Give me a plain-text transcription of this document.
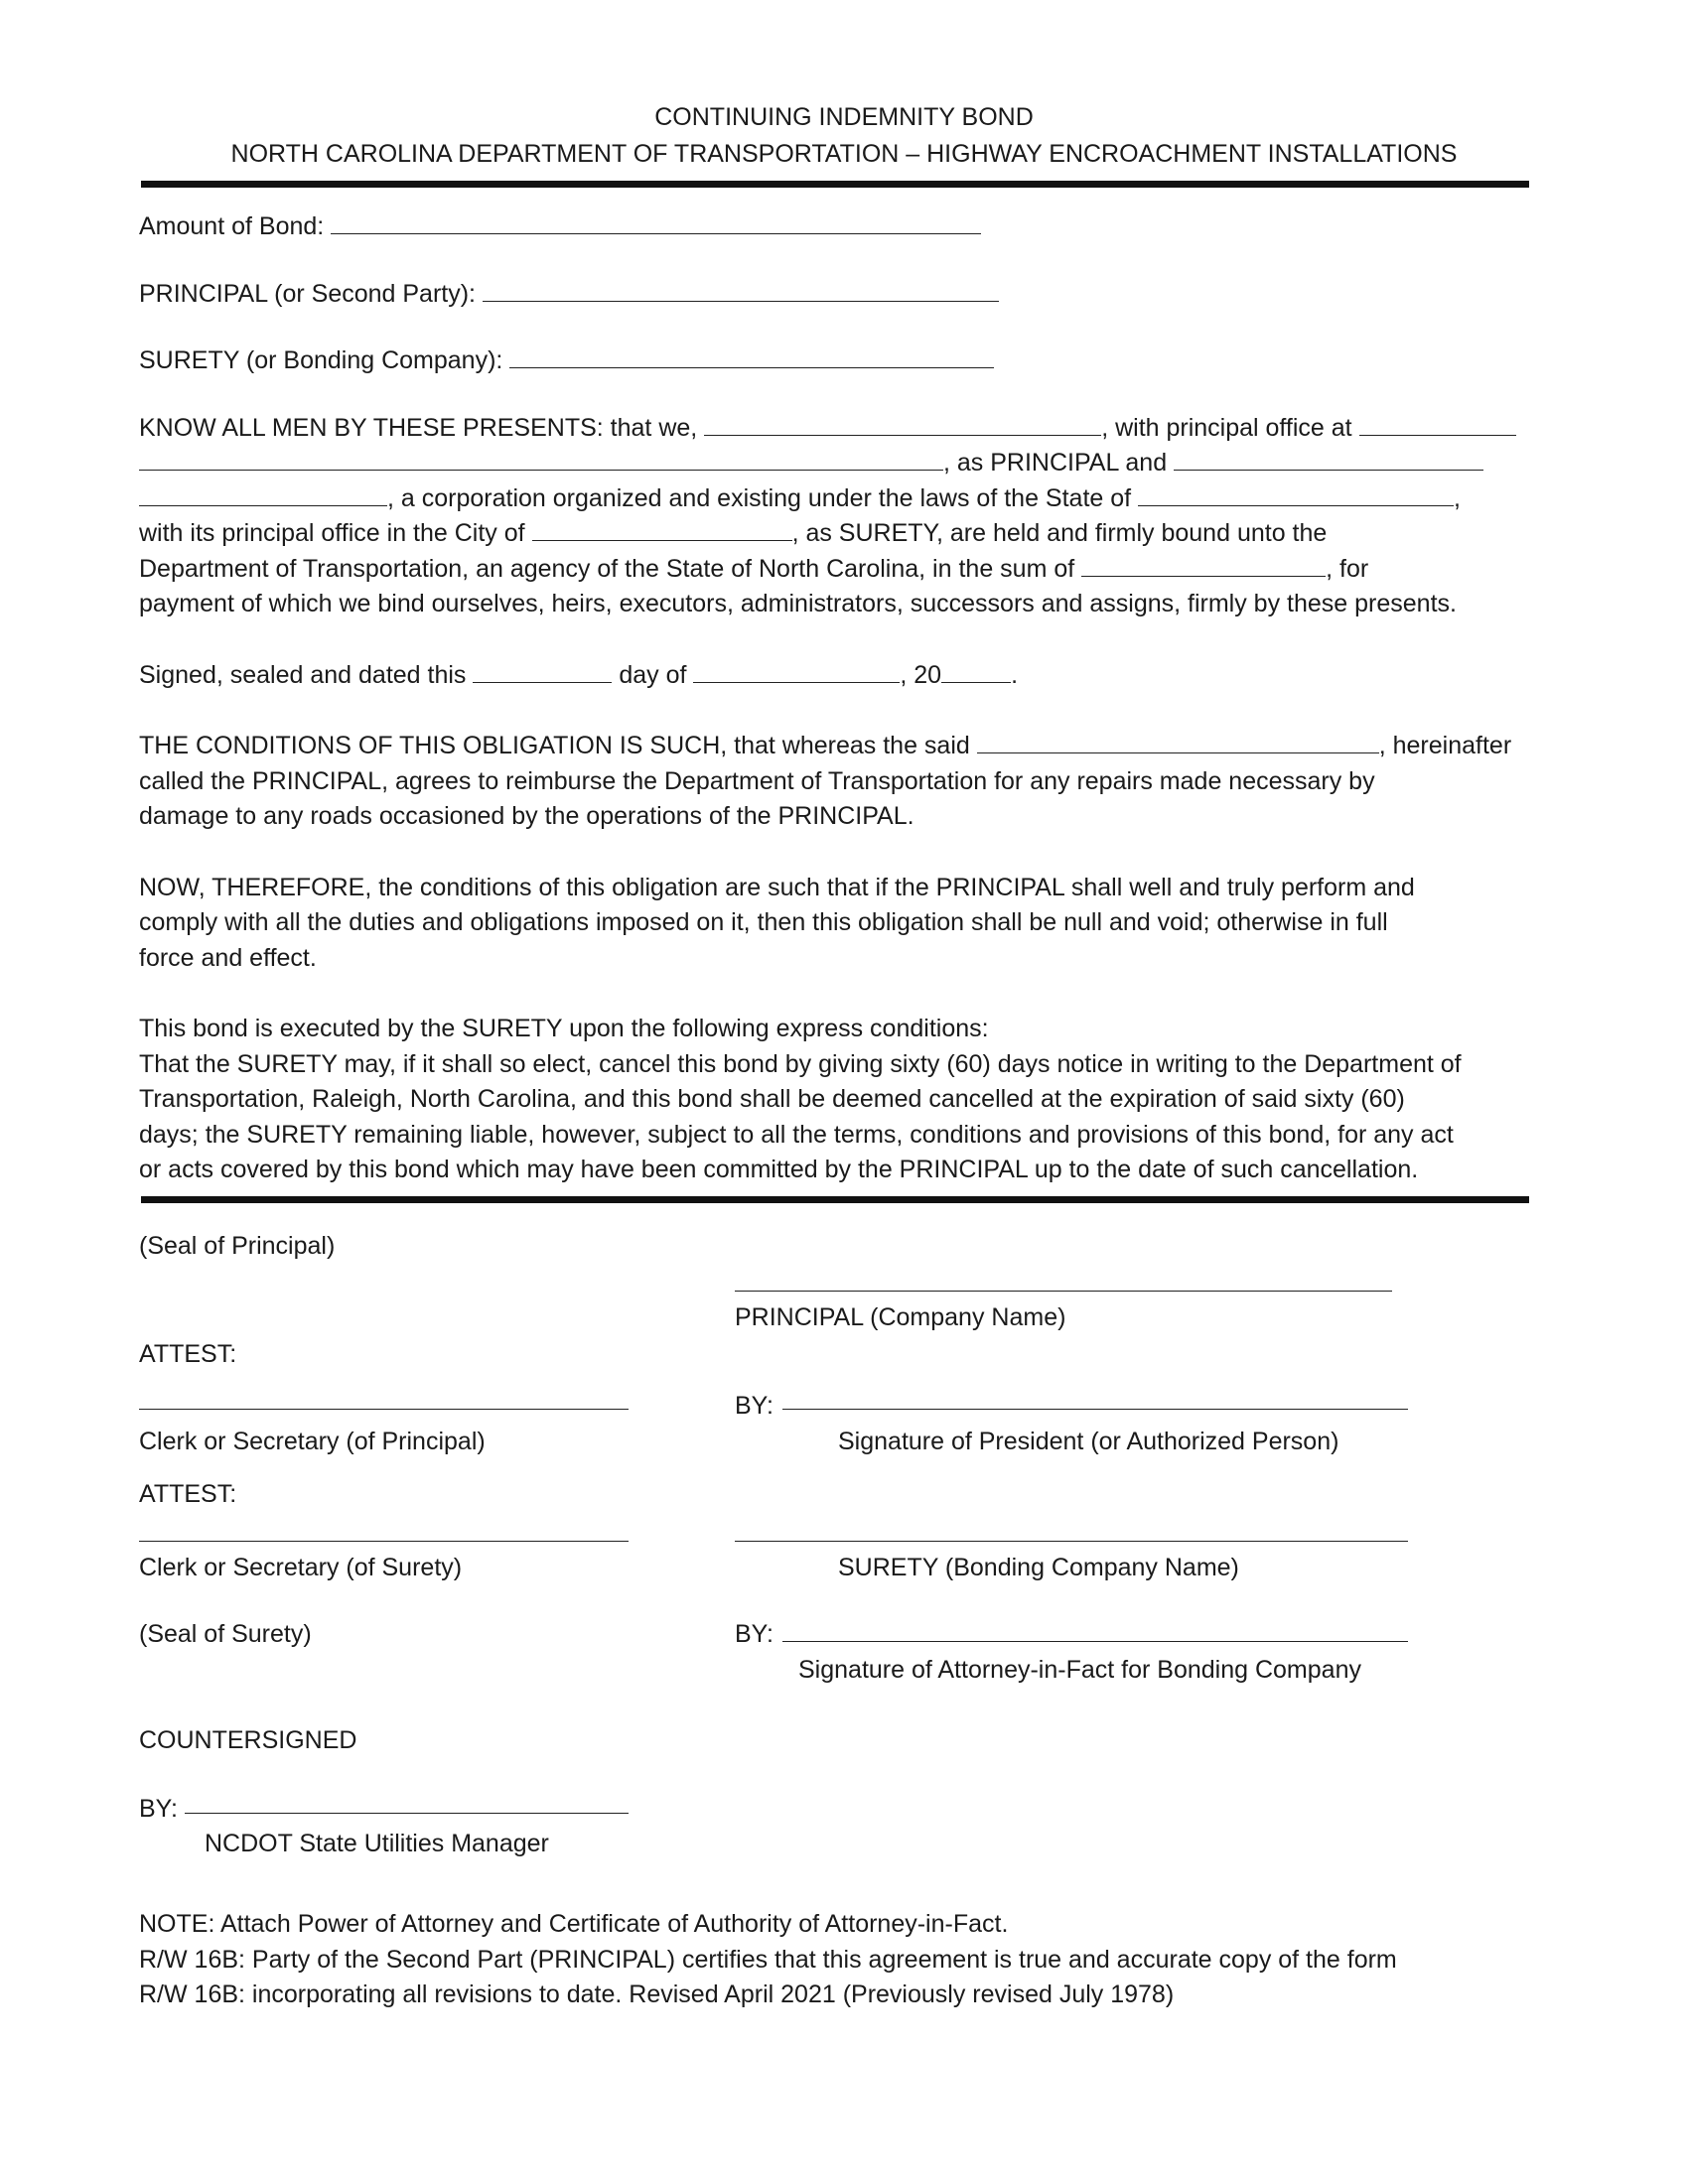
CONTINUING INDEMNITY BOND
NORTH CAROLINA DEPARTMENT OF TRANSPORTATION – HIGHWAY ENCROACHMENT INSTALLATIONS
Amount of Bond:
PRINCIPAL (or Second Party):
SURETY (or Bonding Company):
KNOW ALL MEN BY THESE PRESENTS: that we,	, with principal office at
, as PRINCIPAL and
, a corporation organized and existing under the laws of the State of	,
with its principal office in the City of	, as SURETY, are held and firmly bound unto the
Department of Transportation, an agency of the State of North Carolina, in the sum of	, for
payment of which we bind ourselves, heirs, executors, administrators, successors and assigns, firmly by these presents.
Signed, sealed and dated this	day of	, 20	.
THE CONDITIONS OF THIS OBLIGATION IS SUCH, that whereas the said	, hereinafter
called the PRINCIPAL, agrees to reimburse the Department of Transportation for any repairs made necessary by
damage to any roads occasioned by the operations of the PRINCIPAL.
NOW, THEREFORE, the conditions of this obligation are such that if the PRINCIPAL shall well and truly perform and
comply with all the duties and obligations imposed on it, then this obligation shall be null and void; otherwise in full
force and effect.
This bond is executed by the SURETY upon the following express conditions:
That the SURETY may, if it shall so elect, cancel this bond by giving sixty (60) days notice in writing to the Department of
Transportation, Raleigh, North Carolina, and this bond shall be deemed cancelled at the expiration of said sixty (60)
days; the SURETY remaining liable, however, subject to all the terms, conditions and provisions of this bond, for any act
or acts covered by this bond which may have been committed by the PRINCIPAL up to the date of such cancellation.
(Seal of Principal)
PRINCIPAL (Company Name)
ATTEST:
BY:
Clerk or Secretary (of Principal)	Signature of President (or Authorized Person)
ATTEST:
Clerk or Secretary (of Surety)	SURETY (Bonding Company Name)
(Seal of Surety)	BY:
Signature of Attorney-in-Fact for Bonding Company
COUNTERSIGNED
BY:
NCDOT State Utilities Manager
NOTE: Attach Power of Attorney and Certificate of Authority of Attorney-in-Fact.
R/W 16B: Party of the Second Part (PRINCIPAL) certifies that this agreement is true and accurate copy of the form
R/W 16B: incorporating all revisions to date. Revised April 2021 (Previously revised July 1978)
